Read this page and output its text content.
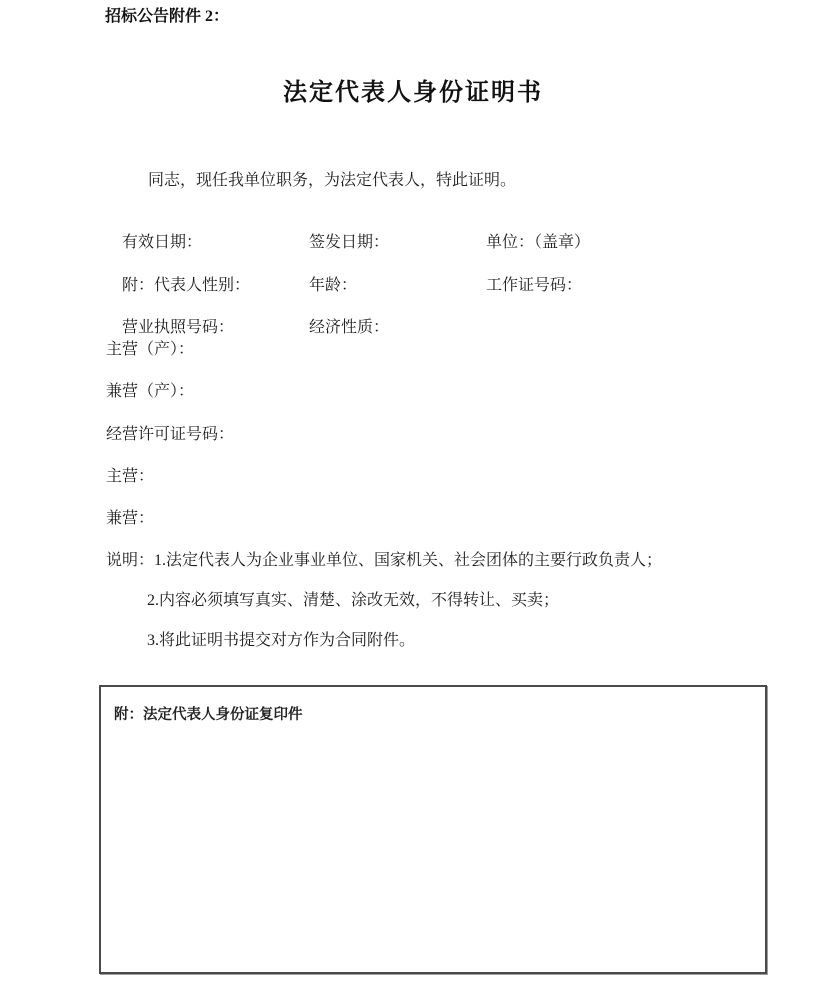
招标公告附件 2：
法定代表人身份证明书
同志，现任我单位职务，为法定代表人，特此证明。

有效日期：	签发日期：	单位：（盖章）

附：代表人性别：	年龄：	工作证号码：

营业执照号码：	经济性质：

主营（产）：
兼营（产）：
经营许可证号码：
主营：
兼营：
说明：1.法定代表人为企业事业单位、国家机关、社会团体的主要行政负责人；
2.内容必须填写真实、清楚、涂改无效，不得转让、买卖；
3.将此证明书提交对方作为合同附件。
附：法定代表人身份证复印件
